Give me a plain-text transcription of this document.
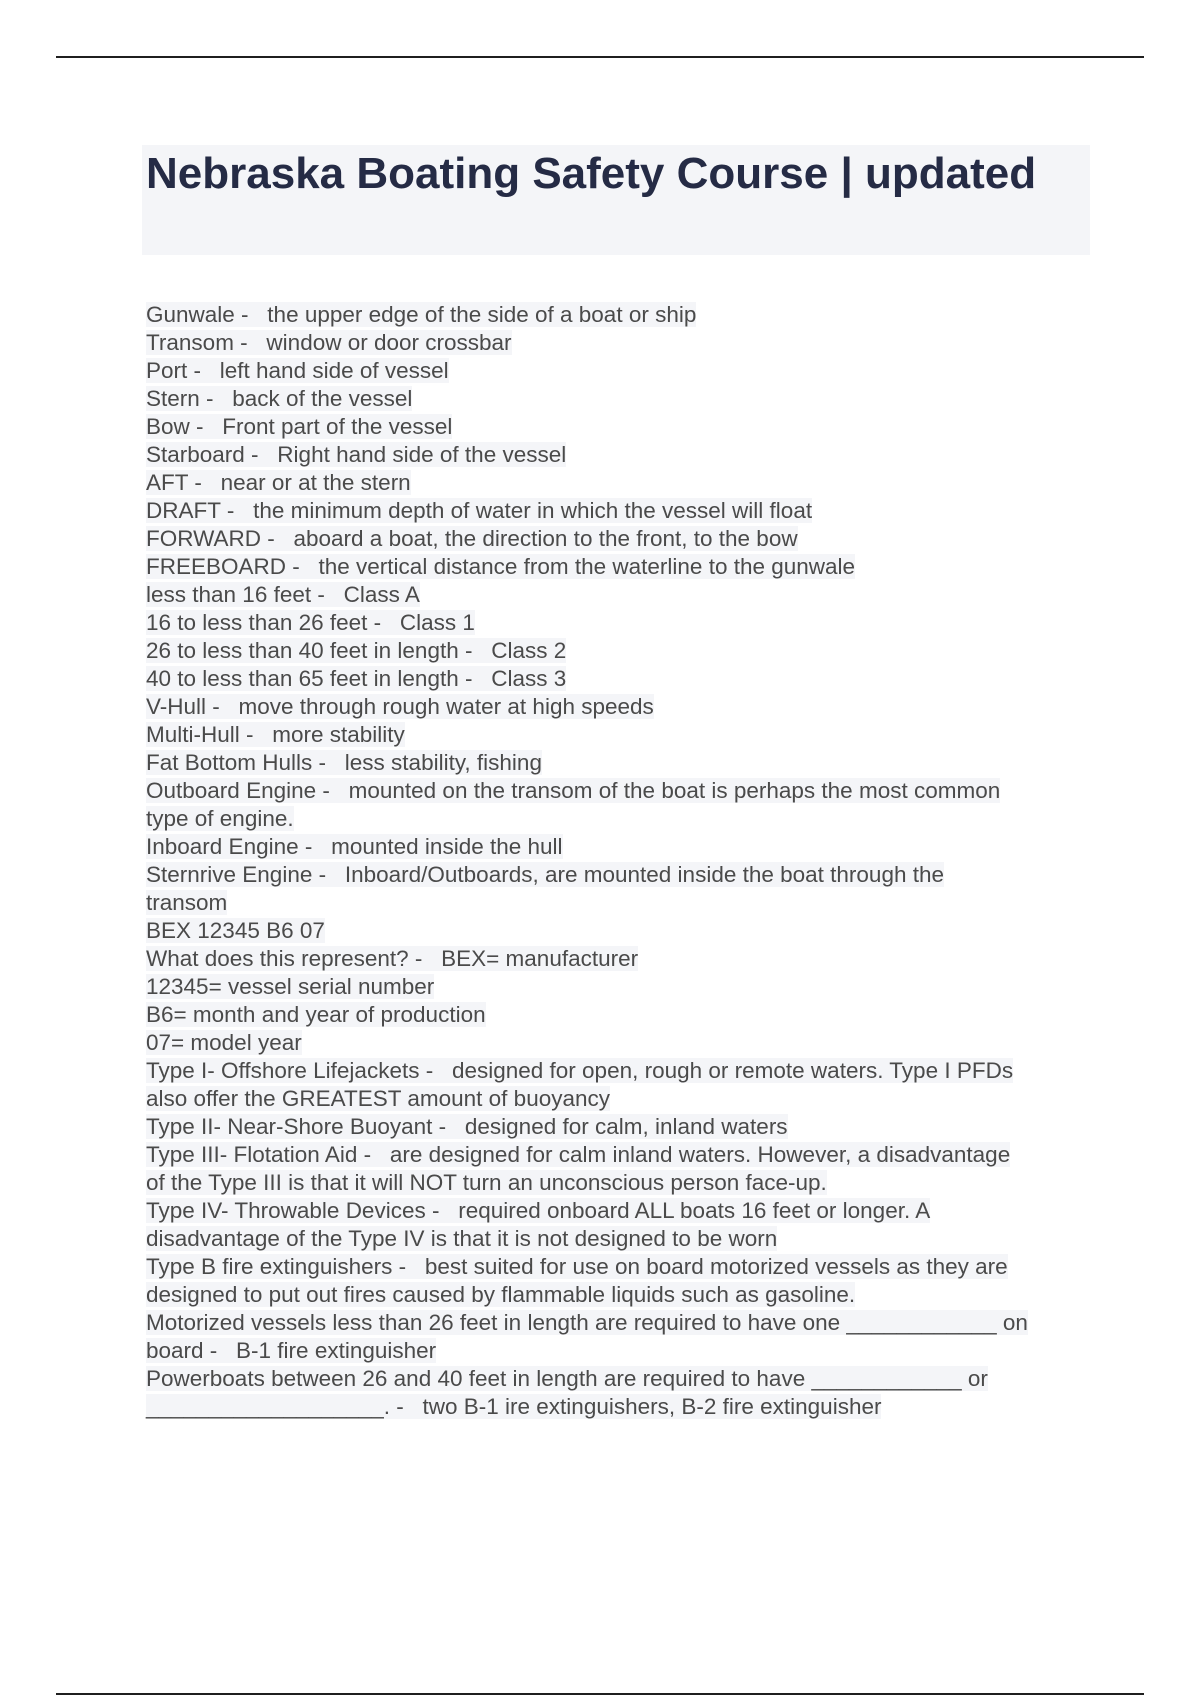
Nebraska Boating Safety Course | updated

Gunwale -   the upper edge of the side of a boat or ship

Transom -   window or door crossbar

Port -   left hand side of vessel

Stern -   back of the vessel

Bow -   Front part of the vessel

Starboard -   Right hand side of the vessel

AFT -   near or at the stern

DRAFT -   the minimum depth of water in which the vessel will float

FORWARD -   aboard a boat, the direction to the front, to the bow

FREEBOARD -   the vertical distance from the waterline to the gunwale

less than 16 feet -   Class A

16 to less than 26 feet -   Class 1

26 to less than 40 feet in length -   Class 2

40 to less than 65 feet in length -   Class 3

V-Hull -   move through rough water at high speeds

Multi-Hull -   more stability

Fat Bottom Hulls -   less stability, fishing

Outboard Engine -   mounted on the transom of the boat is perhaps the most common

type of engine.

Inboard Engine -   mounted inside the hull

Sternrive Engine -   Inboard/Outboards, are mounted inside the boat through the

transom

BEX 12345 B6 07

What does this represent? -   BEX= manufacturer

12345= vessel serial number

B6= month and year of production

07= model year

Type I- Offshore Lifejackets -   designed for open, rough or remote waters. Type I PFDs

also offer the GREATEST amount of buoyancy

Type II- Near-Shore Buoyant -   designed for calm, inland waters

Type III- Flotation Aid -   are designed for calm inland waters. However, a disadvantage

of the Type III is that it will NOT turn an unconscious person face-up.

Type IV- Throwable Devices -   required onboard ALL boats 16 feet or longer. A

disadvantage of the Type IV is that it is not designed to be worn

Type B fire extinguishers -   best suited for use on board motorized vessels as they are

designed to put out fires caused by flammable liquids such as gasoline.

Motorized vessels less than 26 feet in length are required to have one ____________ on

board -   B-1 fire extinguisher

Powerboats between 26 and 40 feet in length are required to have ____________ or

___________________. -   two B-1 ire extinguishers, B-2 fire extinguisher
